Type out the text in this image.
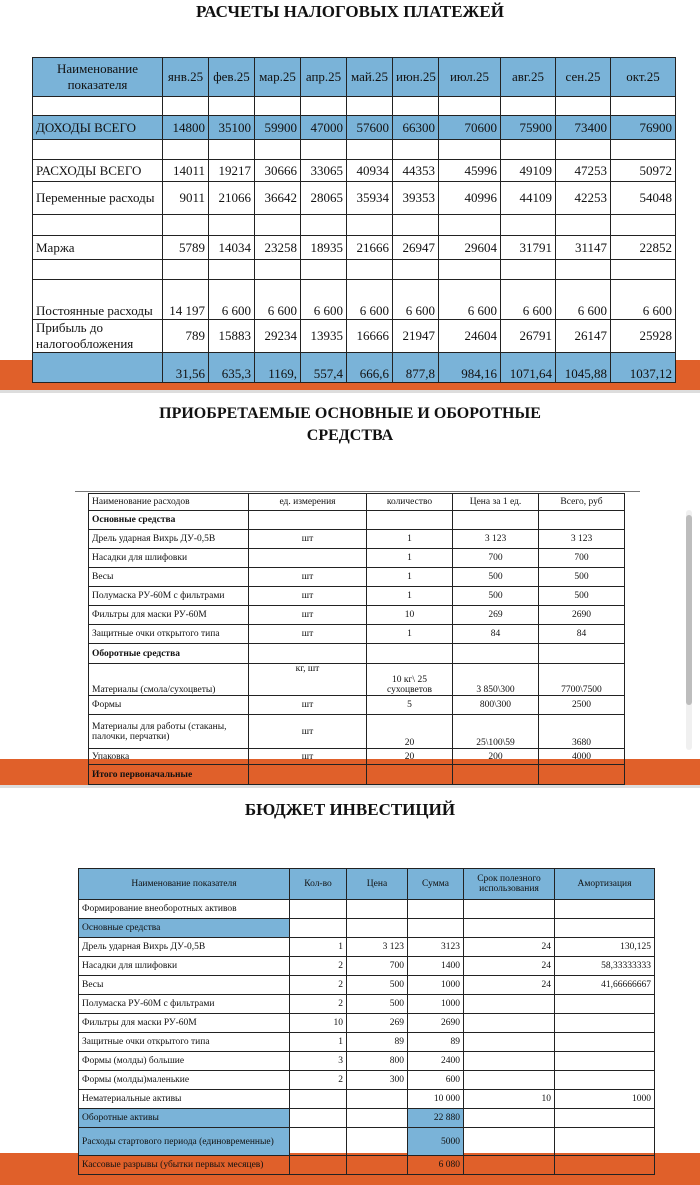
РАСЧЕТЫ НАЛОГОВЫХ ПЛАТЕЖЕЙ
Наименование показателя	янв.25	фев.25	мар.25	апр.25	май.25	июн.25	июл.25	авг.25	сен.25	окт.25

ДОХОДЫ ВСЕГО	14800	35100	59900	47000	57600	66300	70600	75900	73400	76900

РАСХОДЫ ВСЕГО	14011	19217	30666	33065	40934	44353	45996	49109	47253	50972
Переменные расходы	9011	21066	36642	28065	35934	39353	40996	44109	42253	54048

Маржа	5789	14034	23258	18935	21666	26947	29604	31791	31147	22852

Постоянные расходы	14 197	6 600	6 600	6 600	6 600	6 600	6 600	6 600	6 600	6 600
Прибыль до налогообложения	789	15883	29234	13935	16666	21947	24604	26791	26147	25928
	31,56	635,3	1169,	557,4	666,6	877,8	984,16	1071,64	1045,88	1037,12
ПРИОБРЕТАЕМЫЕ ОСНОВНЫЕ И ОБОРОТНЫЕ СРЕДСТВА
Наименование расходов	ед. измерения	количество	Цена за 1 ед.	Всего, руб
Основные средства				
Дрель ударная Вихрь ДУ-0,5В	шт	1	3 123	3 123
Насадки для шлифовки		1	700	700
Весы	шт	1	500	500
Полумаска РУ-60М с фильтрами	шт	1	500	500
Фильтры для маски РУ-60М	шт	10	269	2690
Защитные очки открытого типа	шт	1	84	84
Оборотные средства				
Материалы (смола/сухоцветы)	кг, шт	10 кг\ 25 сухоцветов	3 850\300	7700\7500
Формы	шт	5	800\300	2500
Материалы для работы (стаканы, палочки, перчатки)	шт	20	25\100\59	3680
Упаковка	шт	20	200	4000
Итого первоначальные				
БЮДЖЕТ ИНВЕСТИЦИЙ
Наименование показателя	Кол-во	Цена	Сумма	Срок полезного использования	Амортизация
Формирование внеоборотных активов					
Основные средства					
Дрель ударная Вихрь ДУ-0,5В	1	3 123	3123	24	130,125
Насадки для шлифовки	2	700	1400	24	58,33333333
Весы	2	500	1000	24	41,66666667
Полумаска РУ-60М с фильтрами	2	500	1000		
Фильтры для маски РУ-60М	10	269	2690		
Защитные очки открытого типа	1	89	89		
Формы (молды) большие	3	800	2400		
Формы (молды)маленькие	2	300	600		
Нематериальные активы			10 000	10	1000
Оборотные активы			22 880		
Расходы стартового периода (единовременные)			5000		
Кассовые разрывы (убытки первых месяцев)			6 080		
